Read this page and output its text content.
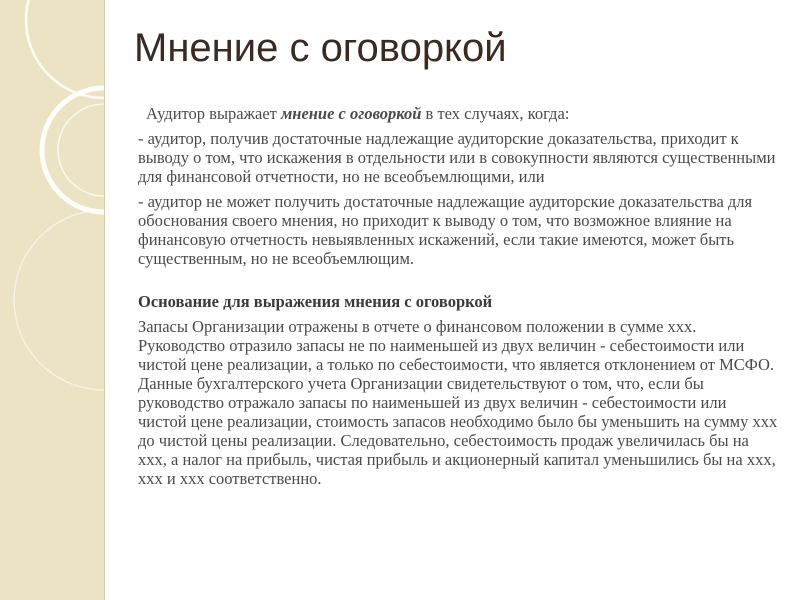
Мнение с оговоркой

Аудитор выражает мнение с оговоркой в тех случаях, когда:

- аудитор, получив достаточные надлежащие аудиторские доказательства, приходит к выводу о том, что искажения в отдельности или в совокупности являются существенными для финансовой отчетности, но не всеобъемлющими, или

- аудитор не может получить достаточные надлежащие аудиторские доказательства для обоснования своего мнения, но приходит к выводу о том, что возможное влияние на финансовую отчетность невыявленных искажений, если такие имеются, может быть существенным, но не всеобъемлющим.

Основание для выражения мнения с оговоркой

Запасы Организации отражены в отчете о финансовом положении в сумме ххх. Руководство отразило запасы не по наименьшей из двух величин - себестоимости или чистой цене реализации, а только по себестоимости, что является отклонением от МСФО. Данные бухгалтерского учета Организации свидетельствуют о том, что, если бы руководство отражало запасы по наименьшей из двух величин - себестоимости или чистой цене реализации, стоимость запасов необходимо было бы уменьшить на сумму ххх до чистой цены реализации. Следовательно, себестоимость продаж увеличилась бы на ххх, а налог на прибыль, чистая прибыль и акционерный капитал уменьшились бы на ххх, ххх и ххх соответственно.
